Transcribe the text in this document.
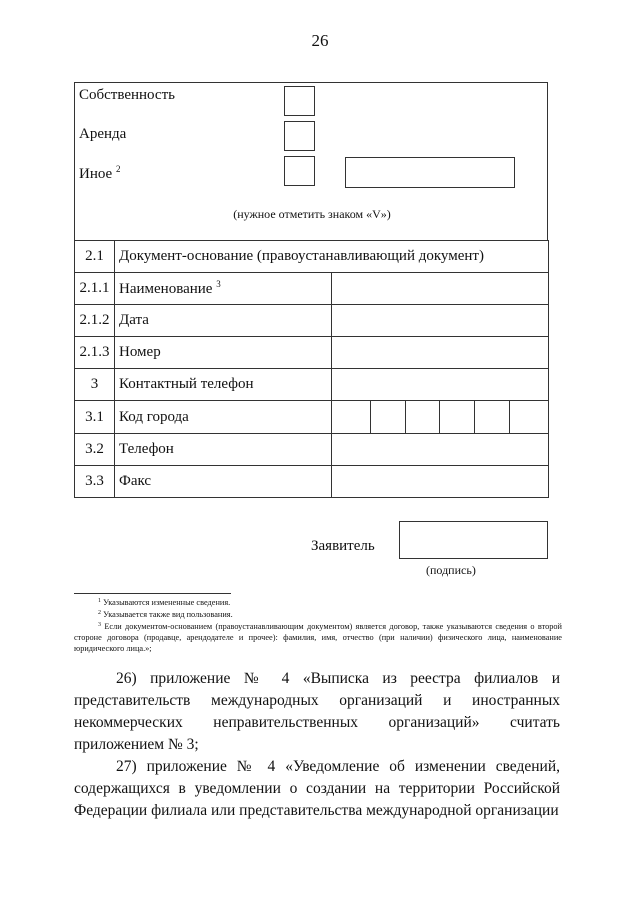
26
Собственность
Аренда
Иное $^2$
(нужное отметить знаком «V»)
2.1	Документ-основание (правоустанавливающий документ)	
2.1.1	Наименование $^3$	
2.1.2	Дата	
2.1.3	Номер	
3	Контактный телефон	
3.1	Код города	

3.2	Телефон	
3.3	Факс	
Заявитель
(подпись)

$^1$ Указываются измененные сведения.

$^2$ Указывается также вид пользования.

$^3$ Если документом-основанием (правоустанавливающим документом) является договор, также указываются сведения о второй стороне договора (продавце, арендодателе и прочее): фамилия, имя, отчество (при наличии) физического лица, наименование юридического лица.»;

26) приложение № 4 «Выписка из реестра филиалов и представительств международных организаций и иностранных некоммерческих неправительственных организаций» считать приложением № 3;

27) приложение № 4 «Уведомление об изменении сведений, содержащихся в уведомлении о создании на территории Российской Федерации филиала или представительства международной организации
